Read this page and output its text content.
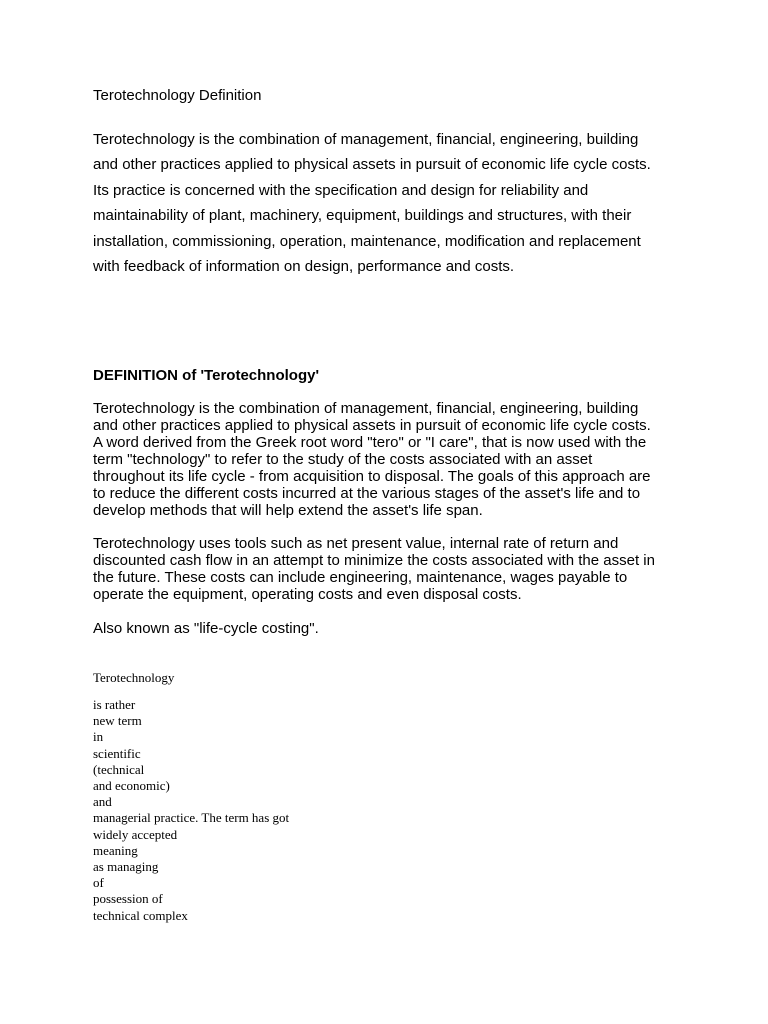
Terotechnology Definition
Terotechnology is the combination of management, financial, engineering, building
and other practices applied to physical assets in pursuit of economic life cycle costs.
Its practice is concerned with the specification and design for reliability and
maintainability of plant, machinery, equipment, buildings and structures, with their
installation, commissioning, operation, maintenance, modification and replacement
with feedback of information on design, performance and costs.
DEFINITION of 'Terotechnology'
Terotechnology is the combination of management, financial, engineering, building
and other practices applied to physical assets in pursuit of economic life cycle costs.
A word derived from the Greek root word "tero" or "I care", that is now used with the
term "technology" to refer to the study of the costs associated with an asset
throughout its life cycle - from acquisition to disposal. The goals of this approach are
to reduce the different costs incurred at the various stages of the asset's life and to
develop methods that will help extend the asset's life span.
Terotechnology uses tools such as net present value, internal rate of return and
discounted cash flow in an attempt to minimize the costs associated with the asset in
the future. These costs can include engineering, maintenance, wages payable to
operate the equipment, operating costs and even disposal costs.
Also known as "life-cycle costing".
Terotechnology
is rather
new term
in
scientific
(technical
and economic)
and
managerial practice. The term has got
widely accepted
meaning
as managing
of
possession of
technical complex
